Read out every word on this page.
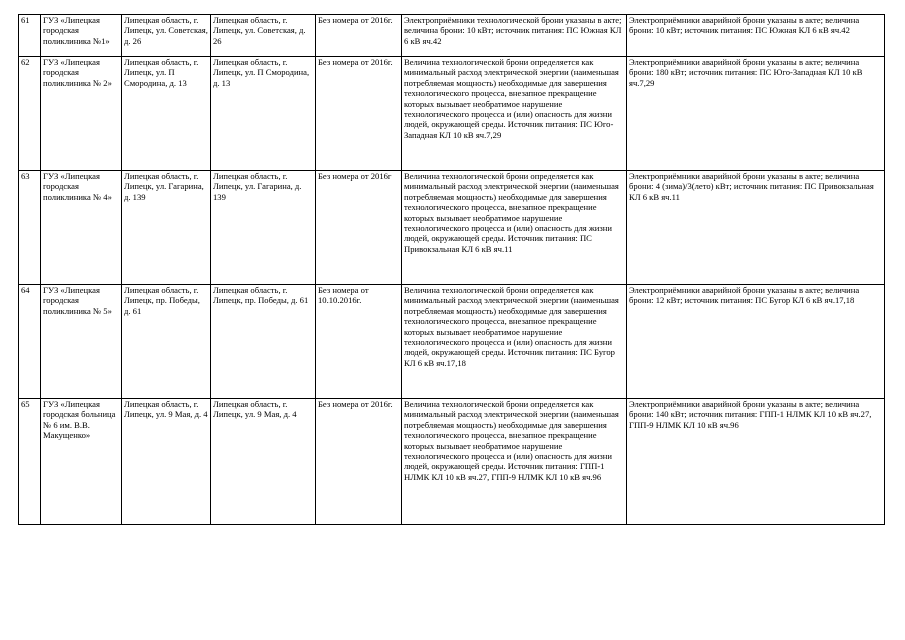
61	ГУЗ «Липецкая городская поликлиника №1»	Липецкая область, г. Липецк, ул. Советская, д. 26	Липецкая область, г. Липецк, ул. Советская, д. 26	Без номера от 2016г.	Электроприёмники технологической брони указаны в акте; величина брони: 10 кВт; источник питания: ПС Южная КЛ 6 кВ яч.42	Электроприёмники аварийной брони указаны в акте; величина брони: 10 кВт; источник питания: ПС Южная КЛ 6 кВ яч.42
62	ГУЗ «Липецкая городская поликлиника № 2»	Липецкая область, г. Липецк, ул. П Смородина, д. 13	Липецкая область, г. Липецк, ул. П Смородина, д. 13	Без номера от 2016г.	Величина технологической брони определяется как минимальный расход электрической энергии (наименьшая потребляемая мощность) необходимые для завершения технологического процесса, внезапное прекращение которых вызывает необратимое нарушение технологического процесса и (или) опасность для жизни людей, окружающей среды. Источник питания: ПС Юго-Западная КЛ 10 кВ яч.7,29	Электроприёмники аварийной брони указаны в акте; величина брони: 180 кВт; источник питания: ПС Юго-Западная КЛ 10 кВ яч.7,29
63	ГУЗ «Липецкая городская поликлиника № 4»	Липецкая область, г. Липецк, ул. Гагарина, д. 139	Липецкая область, г. Липецк, ул. Гагарина, д. 139	Без номера от 2016г	Величина технологической брони определяется как минимальный расход электрической энергии (наименьшая потребляемая мощность) необходимые для завершения технологического процесса, внезапное прекращение которых вызывает необратимое нарушение технологического процесса и (или) опасность для жизни людей, окружающей среды. Источник питания: ПС Привокзальная КЛ 6 кВ яч.11	Электроприёмники аварийной брони указаны в акте; величина брони: 4 (зима)/3(лето) кВт; источник питания: ПС Привокзальная КЛ 6 кВ яч.11
64	ГУЗ «Липецкая городская поликлиника № 5»	Липецкая область, г. Липецк, пр. Победы, д. 61	Липецкая область, г. Липецк, пр. Победы, д. 61	Без номера от 10.10.2016г.	Величина технологической брони определяется как минимальный расход электрической энергии (наименьшая потребляемая мощность) необходимые для завершения технологического процесса, внезапное прекращение которых вызывает необратимое нарушение технологического процесса и (или) опасность для жизни людей, окружающей среды. Источник питания: ПС Бугор КЛ 6 кВ яч.17,18	Электроприёмники аварийной брони указаны в акте; величина брони: 12 кВт; источник питания: ПС Бугор КЛ 6 кВ яч.17,18
65	ГУЗ «Липецкая городская больница № 6 им. В.В. Макущенко»	Липецкая область, г. Липецк, ул. 9 Мая, д. 4	Липецкая область, г. Липецк, ул. 9 Мая, д. 4	Без номера от 2016г.	Величина технологической брони определяется как минимальный расход электрической энергии (наименьшая потребляемая мощность) необходимые для завершения технологического процесса, внезапное прекращение которых вызывает необратимое нарушение технологического процесса и (или) опасность для жизни людей, окружающей среды. Источник питания: ГПП-1 НЛМК КЛ 10 кВ яч.27, ГПП-9 НЛМК КЛ 10 кВ яч.96	Электроприёмники аварийной брони указаны в акте; величина брони: 140 кВт; источник питания: ГПП-1 НЛМК КЛ 10 кВ яч.27, ГПП-9 НЛМК КЛ 10 кВ яч.96
